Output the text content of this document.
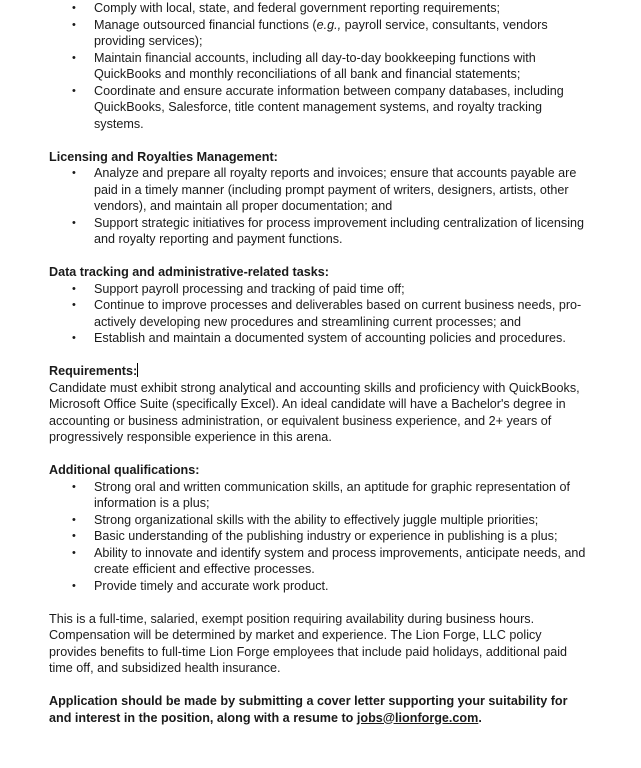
• Comply with local, state, and federal government reporting requirements;
• Manage outsourced financial functions (e.g., payroll service, consultants, vendors providing services);
• Maintain financial accounts, including all day-to-day bookkeeping functions with QuickBooks and monthly reconciliations of all bank and financial statements;
• Coordinate and ensure accurate information between company databases, including QuickBooks, Salesforce, title content management systems, and royalty tracking systems.
Licensing and Royalties Management:
• Analyze and prepare all royalty reports and invoices; ensure that accounts payable are paid in a timely manner (including prompt payment of writers, designers, artists, other vendors), and maintain all proper documentation; and
• Support strategic initiatives for process improvement including centralization of licensing and royalty reporting and payment functions.
Data tracking and administrative-related tasks:
• Support payroll processing and tracking of paid time off;
• Continue to improve processes and deliverables based on current business needs, pro-actively developing new procedures and streamlining current processes; and
• Establish and maintain a documented system of accounting policies and procedures.
Requirements:

Candidate must exhibit strong analytical and accounting skills and proficiency with QuickBooks, Microsoft Office Suite (specifically Excel). An ideal candidate will have a Bachelor's degree in accounting or business administration, or equivalent business experience, and 2+ years of progressively responsible experience in this arena.

Additional qualifications:
• Strong oral and written communication skills, an aptitude for graphic representation of information is a plus;
• Strong organizational skills with the ability to effectively juggle multiple priorities;
• Basic understanding of the publishing industry or experience in publishing is a plus;
• Ability to innovate and identify system and process improvements, anticipate needs, and create efficient and effective processes.
• Provide timely and accurate work product.

This is a full-time, salaried, exempt position requiring availability during business hours. Compensation will be determined by market and experience. The Lion Forge, LLC policy provides benefits to full-time Lion Forge employees that include paid holidays, additional paid time off, and subsidized health insurance.

Application should be made by submitting a cover letter supporting your suitability for and interest in the position, along with a resume to jobs@lionforge.com.
